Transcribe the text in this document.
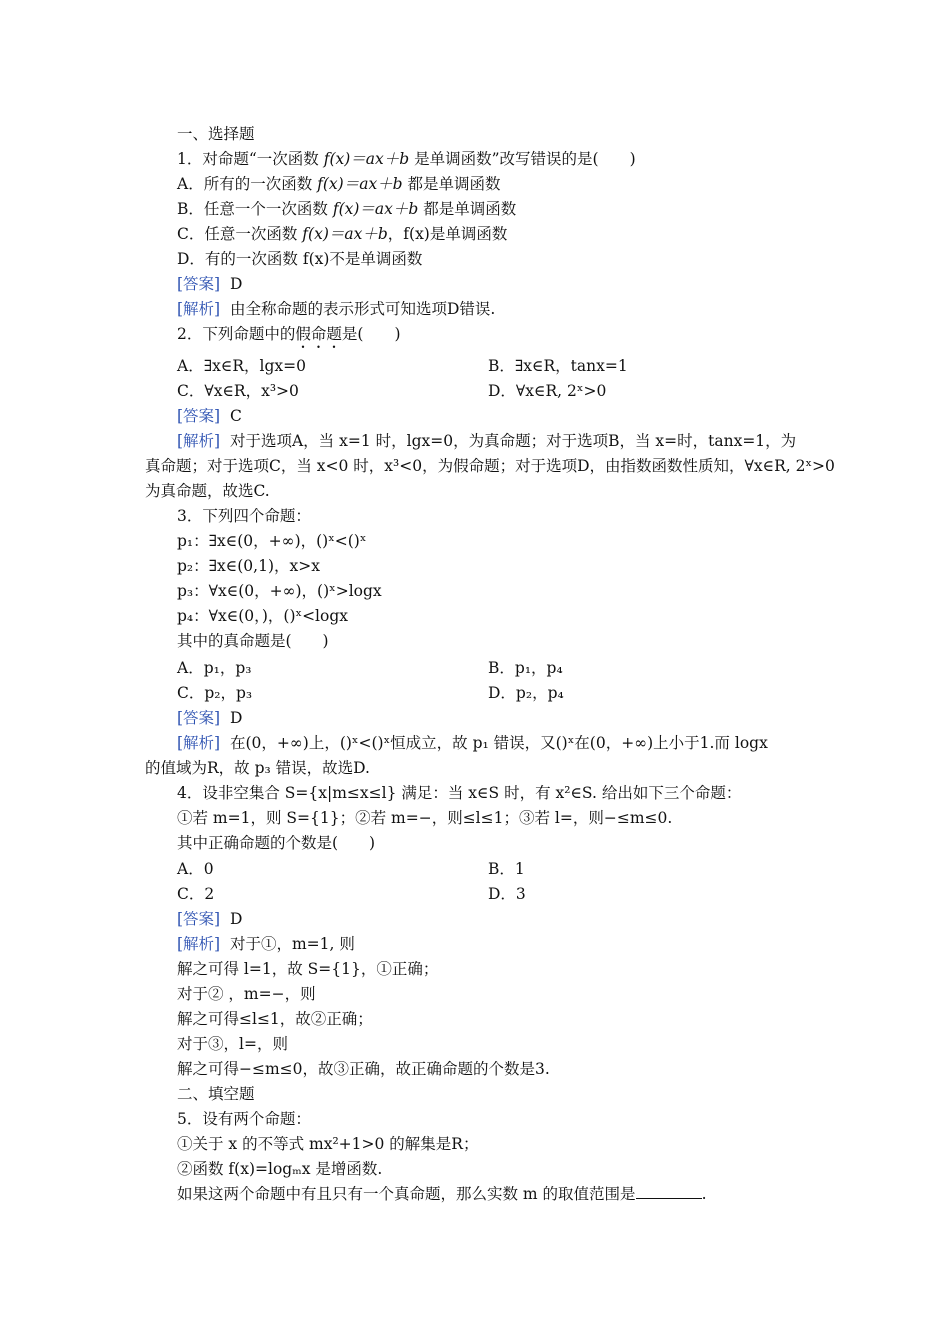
一、选择题
1．对命题“一次函数 f(x)＝ax＋b 是单调函数”改写错误的是(　　)
A．所有的一次函数 f(x)＝ax＋b 都是单调函数
B．任意一个一次函数 f(x)＝ax＋b 都是单调函数
C．任意一次函数 f(x)＝ax＋b，f(x)是单调函数
D．有的一次函数 f(x)不是单调函数
[答案] D
[解析] 由全称命题的表示形式可知选项D错误.
2．下列命题中的假命题是(　　)
A．∃x∈R，lgx=0	B．∃x∈R，tanx=1
C．∀x∈R，x³>0	D．∀x∈R, 2ˣ>0
[答案] C
[解析] 对于选项A，当 x=1 时，lgx=0，为真命题；对于选项B，当 x=时，tanx=1，为
真命题；对于选项C，当 x<0 时，x³<0，为假命题；对于选项D，由指数函数性质知，∀x∈R, 2ˣ>0
为真命题，故选C.
3．下列四个命题：
p₁：∃x∈(0，+∞)，()ˣ<()ˣ
p₂：∃x∈(0,1)，x>x
p₃：∀x∈(0，+∞)，()ˣ>logx
p₄：∀x∈(0，)，()ˣ<logx
其中的真命题是(　　)
A．p₁，p₃	B．p₁，p₄
C．p₂，p₃	D．p₂，p₄
[答案] D
[解析] 在(0，+∞)上，()ˣ<()ˣ恒成立，故 p₁ 错误，又()ˣ在(0，+∞)上小于1.而 logx
的值域为R，故 p₃ 错误，故选D.
4．设非空集合 S={x|m≤x≤l} 满足：当 x∈S 时，有 x²∈S. 给出如下三个命题：
①若 m=1，则 S={1}；②若 m=−，则≤l≤1；③若 l=，则−≤m≤0.
其中正确命题的个数是(　　)
A．0	B．1
C．2	D．3
[答案] D
[解析] 对于①，m=1, 则
解之可得 l=1，故 S={1}，①正确；
对于② ，m=−，则
解之可得≤l≤1，故②正确；
对于③，l=，则
解之可得−≤m≤0，故③正确，故正确命题的个数是3.
二、填空题
5．设有两个命题：
①关于 x 的不等式 mx²+1>0 的解集是R；
②函数 f(x)=logₘx 是增函数.
如果这两个命题中有且只有一个真命题，那么实数 m 的取值范围是	.
